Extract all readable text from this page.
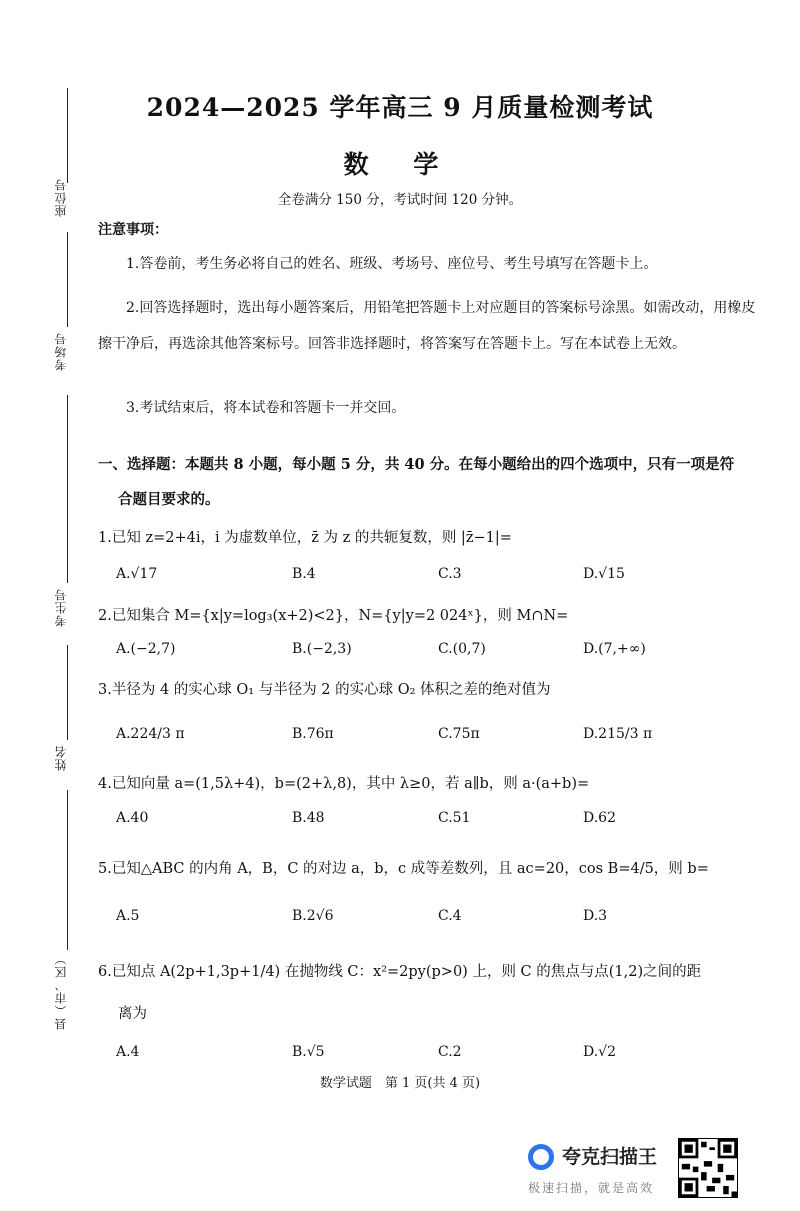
座位号
考场号
考生号
姓名
县（市、区）
2024—2025 学年高三 9 月质量检测考试
数 学
全卷满分 150 分，考试时间 120 分钟。
注意事项：
1.答卷前，考生务必将自己的姓名、班级、考场号、座位号、考生号填写在答题卡上。
2.回答选择题时，选出每小题答案后，用铅笔把答题卡上对应题目的答案标号涂黑。如需改动，用橡皮擦干净后，再选涂其他答案标号。回答非选择题时，将答案写在答题卡上。写在本试卷上无效。
3.考试结束后，将本试卷和答题卡一并交回。
一、选择题：本题共 8 小题，每小题 5 分，共 40 分。在每小题给出的四个选项中，只有一项是符
合题目要求的。
1.已知 z=2+4i，i 为虚数单位，z̄ 为 z 的共轭复数，则 |z̄−1|=
A.√17	B.4	C.3	D.√15
2.已知集合 M={x|y=log₃(x+2)<2}，N={y|y=2 024ˣ}，则 M∩N=
A.(−2,7)	B.(−2,3)	C.(0,7)	D.(7,+∞)
3.半径为 4 的实心球 O₁ 与半径为 2 的实心球 O₂ 体积之差的绝对值为
A.224/3 π	B.76π	C.75π	D.215/3 π
4.已知向量 a=(1,5λ+4)，b=(2+λ,8)，其中 λ≥0，若 a∥b，则 a·(a+b)=
A.40	B.48	C.51	D.62
5.已知△ABC 的内角 A，B，C 的对边 a，b，c 成等差数列，且 ac=20，cos B=4/5，则 b=
A.5	B.2√6	C.4	D.3
6.已知点 A(2p+1,3p+1/4) 在抛物线 C：x²=2py(p>0) 上，则 C 的焦点与点(1,2)之间的距
离为
A.4	B.√5	C.2	D.√2
数学试题　第 1 页(共 4 页)
夸克扫描王
极速扫描，就是高效
